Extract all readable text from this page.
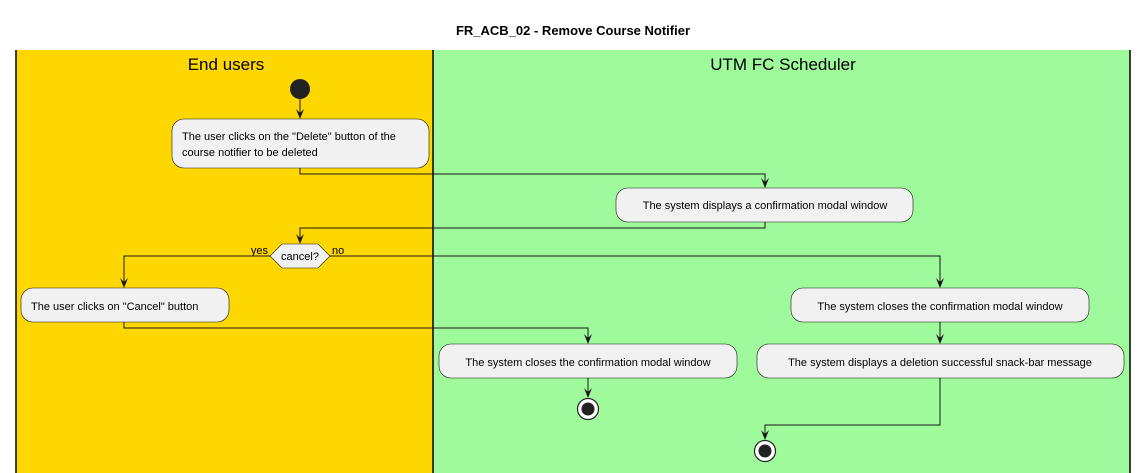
FR_ACB_02 - Remove Course Notifier
End users	UTM FC Scheduler
The user clicks on the "Delete" button of the
course notifier to be deleted
The system displays a confirmation modal window
cancel?
yes	no
The user clicks on "Cancel" button	The system closes the confirmation modal window
The system closes the confirmation modal window	The system displays a deletion successful snack-bar message
